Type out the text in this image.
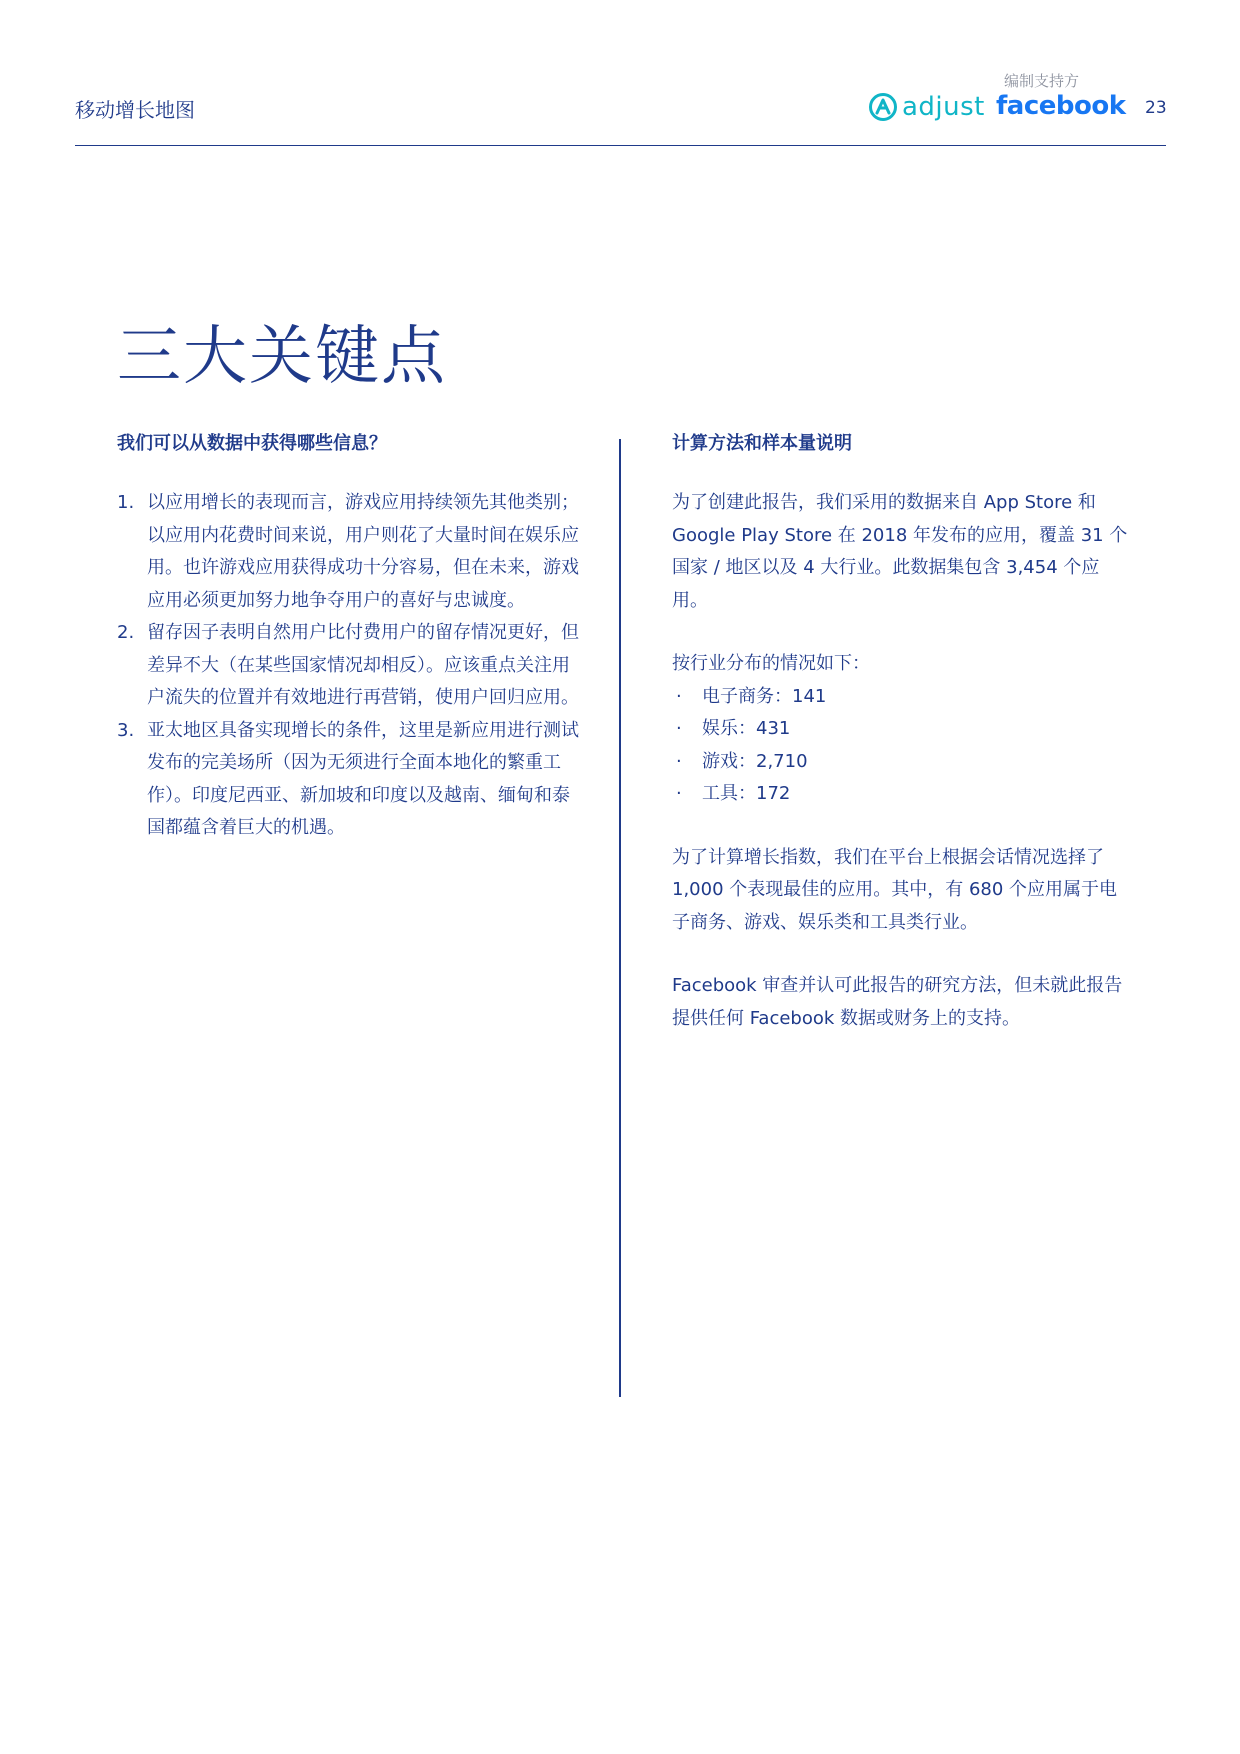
移动增长地图
编制支持方
adjust facebook 23
三大关键点
我们可以从数据中获得哪些信息？
1. 以应用增长的表现而言，游戏应用持续领先其他类别；以应用内花费时间来说，用户则花了大量时间在娱乐应用。也许游戏应用获得成功十分容易，但在未来，游戏应用必须更加努力地争夺用户的喜好与忠诚度。
2. 留存因子表明自然用户比付费用户的留存情况更好，但差异不大（在某些国家情况却相反）。应该重点关注用户流失的位置并有效地进行再营销，使用户回归应用。
3. 亚太地区具备实现增长的条件，这里是新应用进行测试发布的完美场所（因为无须进行全面本地化的繁重工作）。印度尼西亚、新加坡和印度以及越南、缅甸和泰国都蕴含着巨大的机遇。
计算方法和样本量说明

为了创建此报告，我们采用的数据来自 App Store 和 Google Play Store 在 2018 年发布的应用，覆盖 31 个国家 / 地区以及 4 大行业。此数据集包含 3,454 个应用。

按行业分布的情况如下：
· 电子商务：141
· 娱乐：431
· 游戏：2,710
· 工具：172

为了计算增长指数，我们在平台上根据会话情况选择了 1,000 个表现最佳的应用。其中，有 680 个应用属于电子商务、游戏、娱乐类和工具类行业。

Facebook 审查并认可此报告的研究方法，但未就此报告提供任何 Facebook 数据或财务上的支持。
